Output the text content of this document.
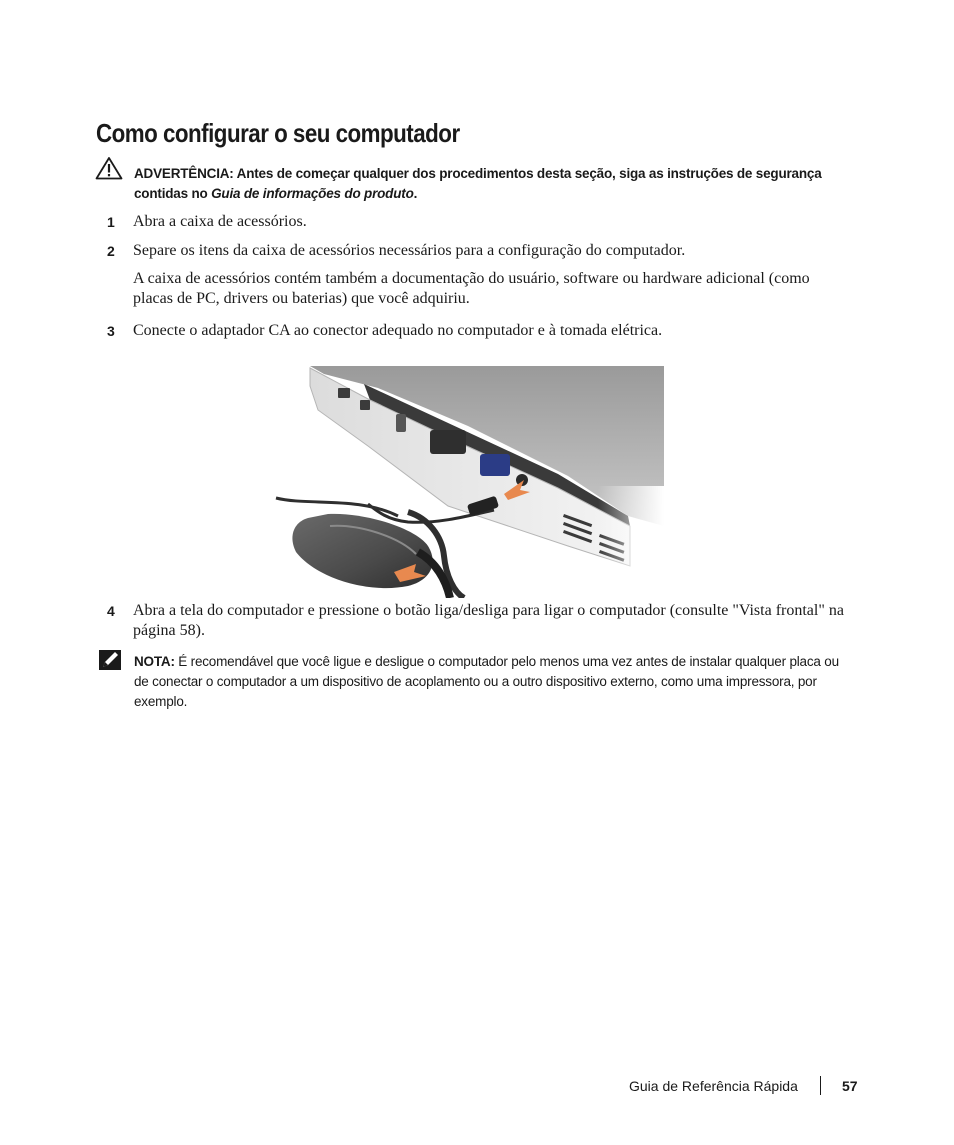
Como configurar o seu computador
ADVERTÊNCIA: Antes de começar qualquer dos procedimentos desta seção, siga as instruções de segurança contidas no Guia de informações do produto.
1 Abra a caixa de acessórios.
2 Separe os itens da caixa de acessórios necessários para a configuração do computador.
A caixa de acessórios contém também a documentação do usuário, software ou hardware adicional (como placas de PC, drivers ou baterias) que você adquiriu.
3 Conecte o adaptador CA ao conector adequado no computador e à tomada elétrica.
4 Abra a tela do computador e pressione o botão liga/desliga para ligar o computador (consulte "Vista frontal" na página 58).
NOTA: É recomendável que você ligue e desligue o computador pelo menos uma vez antes de instalar qualquer placa ou de conectar o computador a um dispositivo de acoplamento ou a outro dispositivo externo, como uma impressora, por exemplo.
Guia de Referência Rápida	57
